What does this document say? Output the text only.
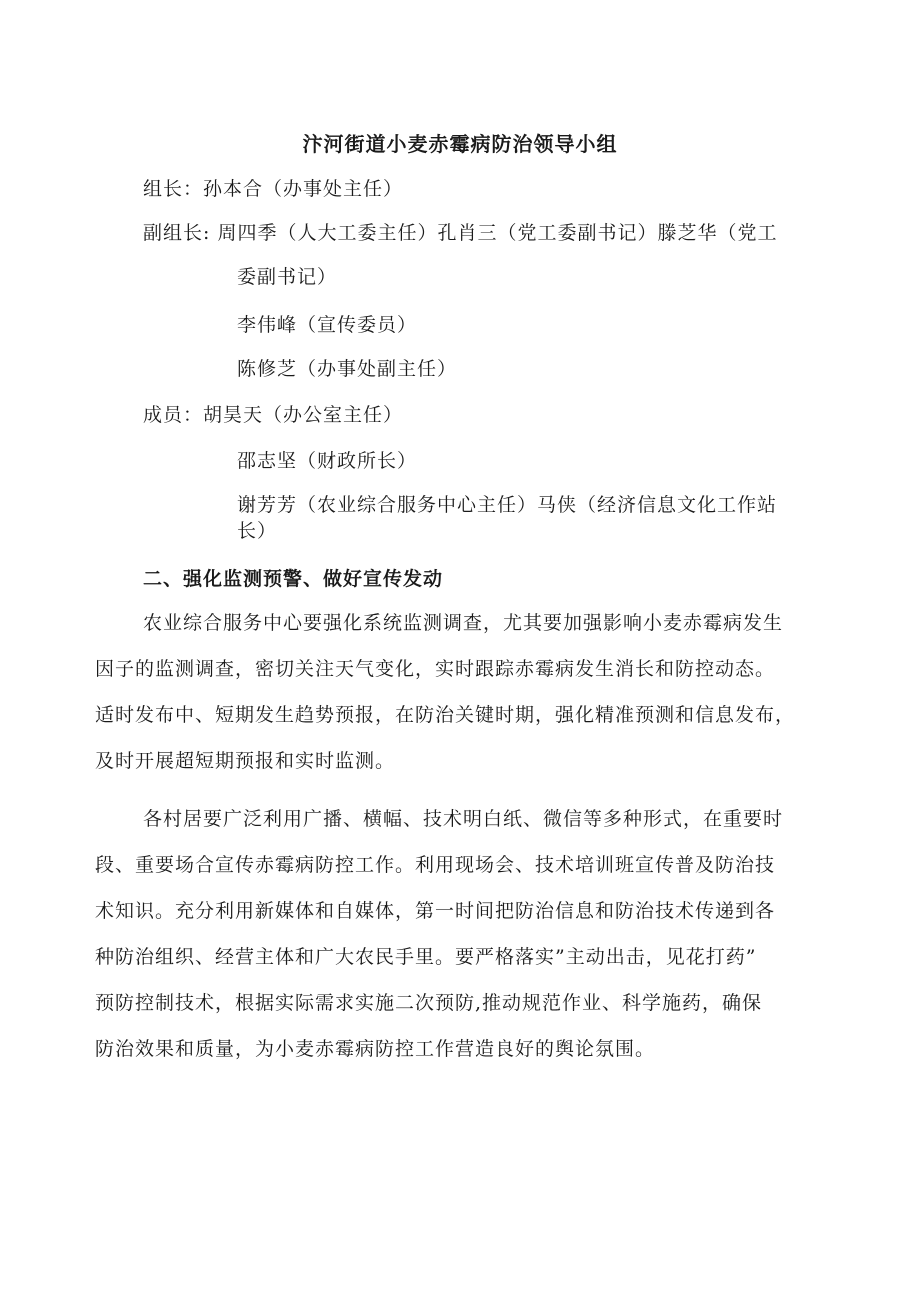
汴河街道小麦赤霉病防治领导小组
组长：孙本合（办事处主任）
副组长: 周四季（人大工委主任）孔肖三（党工委副书记）滕芝华（党工
委副书记）
李伟峰（宣传委员）
陈修芝（办事处副主任）
成员：胡昊天（办公室主任）
邵志坚（财政所长）
谢芳芳（农业综合服务中心主任）马侠（经济信息文化工作站
长）
二、强化监测预警、做好宣传发动
农业综合服务中心要强化系统监测调查，尤其要加强影响小麦赤霉病发生
因子的监测调查，密切关注天气变化，实时跟踪赤霉病发生消长和防控动态。
适时发布中、短期发生趋势预报，在防治关键时期，强化精准预测和信息发布，
及时开展超短期预报和实时监测。
各村居要广泛利用广播、横幅、技术明白纸、微信等多种形式，在重要时
段、重要场合宣传赤霉病防控工作。利用现场会、技术培训班宣传普及防治技
术知识。充分利用新媒体和自媒体，第一时间把防治信息和防治技术传递到各
种防治组织、经营主体和广大农民手里。要严格落实”主动出击，见花打药”
预防控制技术，根据实际需求实施二次预防,推动规范作业、科学施药，确保
防治效果和质量，为小麦赤霉病防控工作营造良好的舆论氛围。
